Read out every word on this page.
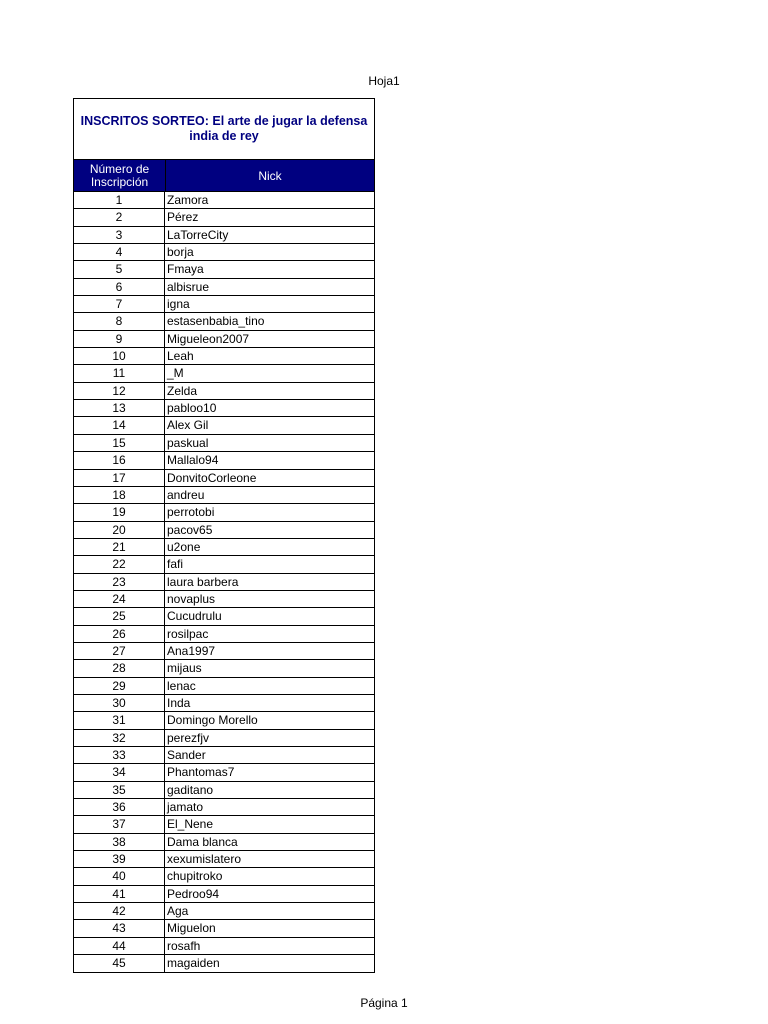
Hoja1
INSCRITOS SORTEO: El arte de jugar la defensa
india de rey
Número de
Inscripción	Nick
1	Zamora
2	Pérez
3	LaTorreCity
4	borja
5	Fmaya
6	albisrue
7	igna
8	estasenbabia_tino
9	Migueleon2007
10	Leah
11	_M
12	Zelda
13	pabloo10
14	Alex Gil
15	paskual
16	Mallalo94
17	DonvitoCorleone
18	andreu
19	perrotobi
20	pacov65
21	u2one
22	fafi
23	laura barbera
24	novaplus
25	Cucudrulu
26	rosilpac
27	Ana1997
28	mijaus
29	lenac
30	Inda
31	Domingo Morello
32	perezfjv
33	Sander
34	Phantomas7
35	gaditano
36	jamato
37	El_Nene
38	Dama blanca
39	xexumislatero
40	chupitroko
41	Pedroo94
42	Aga
43	Miguelon
44	rosafh
45	magaiden
Página 1
